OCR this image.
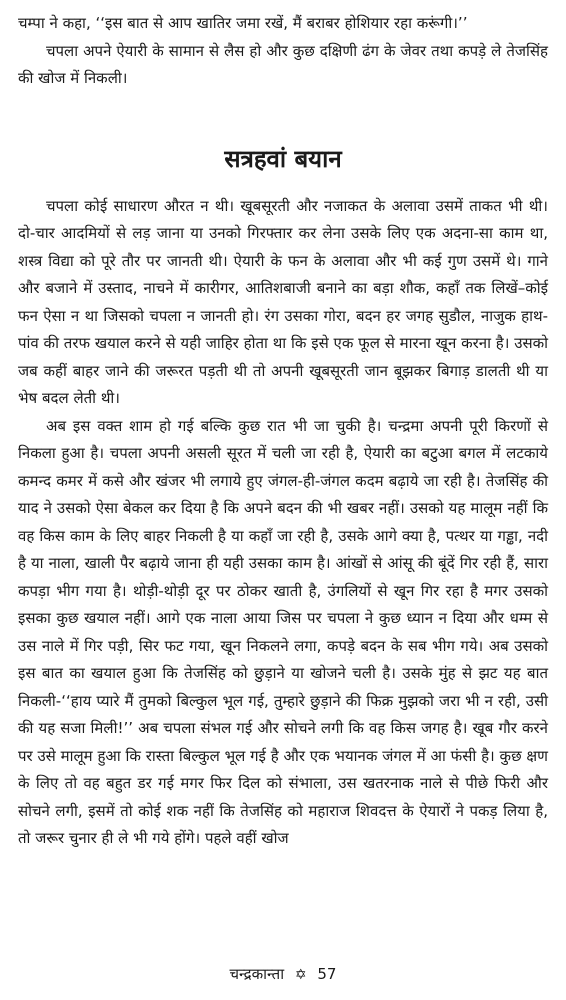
चम्पा ने कहा, ‘‘इस बात से आप खातिर जमा रखें, मैं बराबर होशियार रहा करूंगी।’’

चपला अपने ऐयारी के सामान से लैस हो और कुछ दक्षिणी ढंग के जेवर तथा कपड़े ले तेजसिंह की खोज में निकली।

सत्रहवां बयान

चपला कोई साधारण औरत न थी। खूबसूरती और नजाकत के अलावा उसमें ताकत भी थी। दो-चार आदमियों से लड़ जाना या उनको गिरफ्तार कर लेना उसके लिए एक अदना-सा काम था, शस्त्र विद्या को पूरे तौर पर जानती थी। ऐयारी के फन के अलावा और भी कई गुण उसमें थे। गाने और बजाने में उस्ताद, नाचने में कारीगर, आतिशबाजी बनाने का बड़ा शौक, कहाँ तक लिखें–कोई फन ऐसा न था जिसको चपला न जानती हो। रंग उसका गोरा, बदन हर जगह सुडौल, नाजुक हाथ-पांव की तरफ खयाल करने से यही जाहिर होता था कि इसे एक फूल से मारना खून करना है। उसको जब कहीं बाहर जाने की जरूरत पड़ती थी तो अपनी खूबसूरती जान बूझकर बिगाड़ डालती थी या भेष बदल लेती थी।

अब इस वक्त शाम हो गई बल्कि कुछ रात भी जा चुकी है। चन्द्रमा अपनी पूरी किरणों से निकला हुआ है। चपला अपनी असली सूरत में चली जा रही है, ऐयारी का बटुआ बगल में लटकाये कमन्द कमर में कसे और खंजर भी लगाये हुए जंगल-ही-जंगल कदम बढ़ाये जा रही है। तेजसिंह की याद ने उसको ऐसा बेकल कर दिया है कि अपने बदन की भी खबर नहीं। उसको यह मालूम नहीं कि वह किस काम के लिए बाहर निकली है या कहाँ जा रही है, उसके आगे क्या है, पत्थर या गड्ढा, नदी है या नाला, खाली पैर बढ़ाये जाना ही यही उसका काम है। आंखों से आंसू की बूंदें गिर रही हैं, सारा कपड़ा भीग गया है। थोड़ी-थोड़ी दूर पर ठोकर खाती है, उंगलियों से खून गिर रहा है मगर उसको इसका कुछ खयाल नहीं। आगे एक नाला आया जिस पर चपला ने कुछ ध्यान न दिया और धम्म से उस नाले में गिर पड़ी, सिर फट गया, खून निकलने लगा, कपड़े बदन के सब भीग गये। अब उसको इस बात का खयाल हुआ कि तेजसिंह को छुड़ाने या खोजने चली है। उसके मुंह से झट यह बात निकली-‘‘हाय प्यारे मैं तुमको बिल्कुल भूल गई, तुम्हारे छुड़ाने की फिक्र मुझको जरा भी न रही, उसी की यह सजा मिली!’’ अब चपला संभल गई और सोचने लगी कि वह किस जगह है। खूब गौर करने पर उसे मालूम हुआ कि रास्ता बिल्कुल भूल गई है और एक भयानक जंगल में आ फंसी है। कुछ क्षण के लिए तो वह बहुत डर गई मगर फिर दिल को संभाला, उस खतरनाक नाले से पीछे फिरी और सोचने लगी, इसमें तो कोई शक नहीं कि तेजसिंह को महाराज शिवदत्त के ऐयारों ने पकड़ लिया है, तो जरूर चुनार ही ले भी गये होंगे। पहले वहीं खोज

चन्द्रकान्ता ✡ 57
